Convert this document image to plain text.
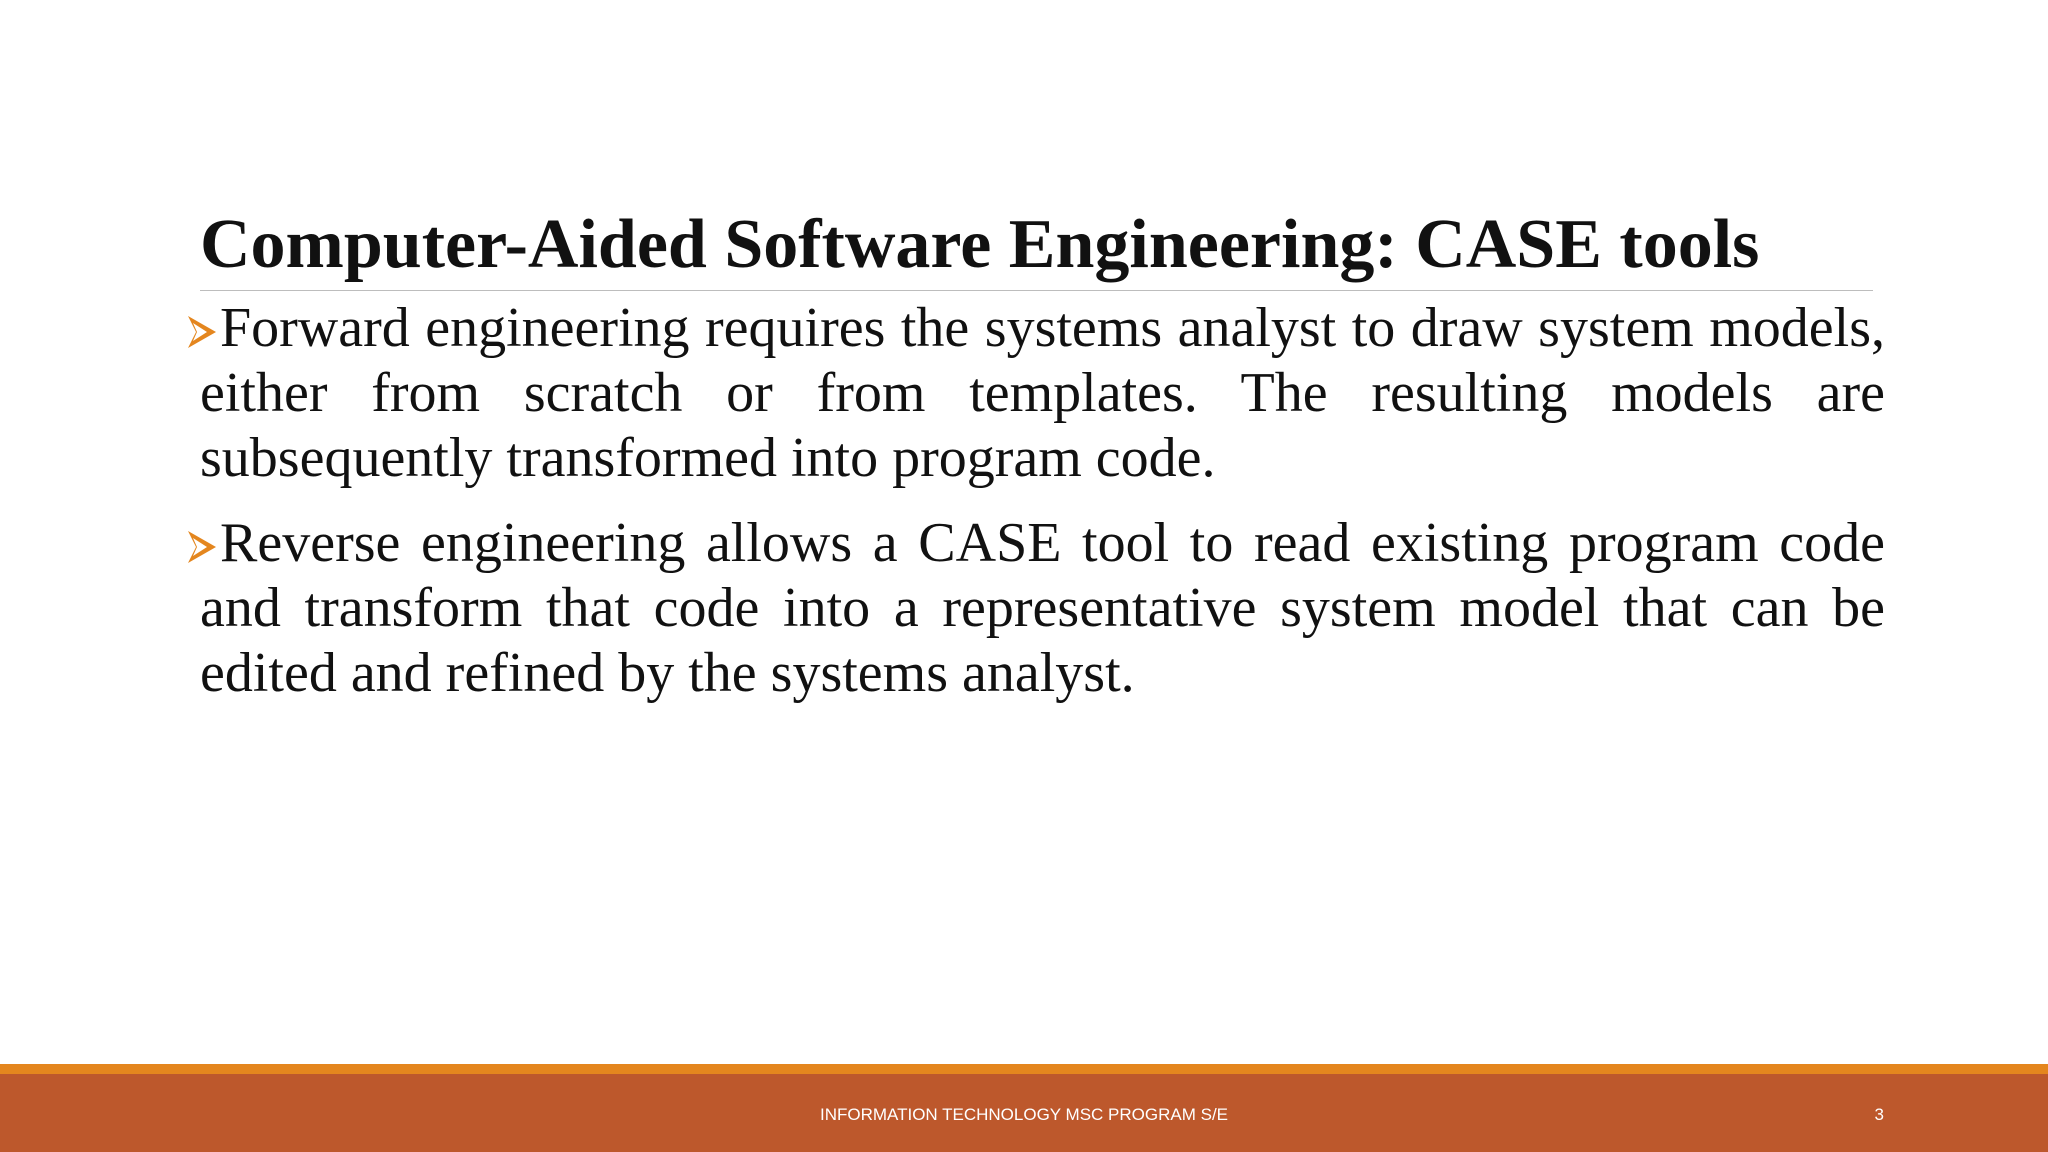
Computer-Aided Software Engineering: CASE tools

Forward engineering requires the systems analyst to draw system models, either from scratch or from templates. The resulting models are subsequently transformed into program code.

Reverse engineering allows a CASE tool to read existing program code and transform that code into a representative system model that can be edited and refined by the systems analyst.

INFORMATION TECHNOLOGY MSC PROGRAM S/E	3
